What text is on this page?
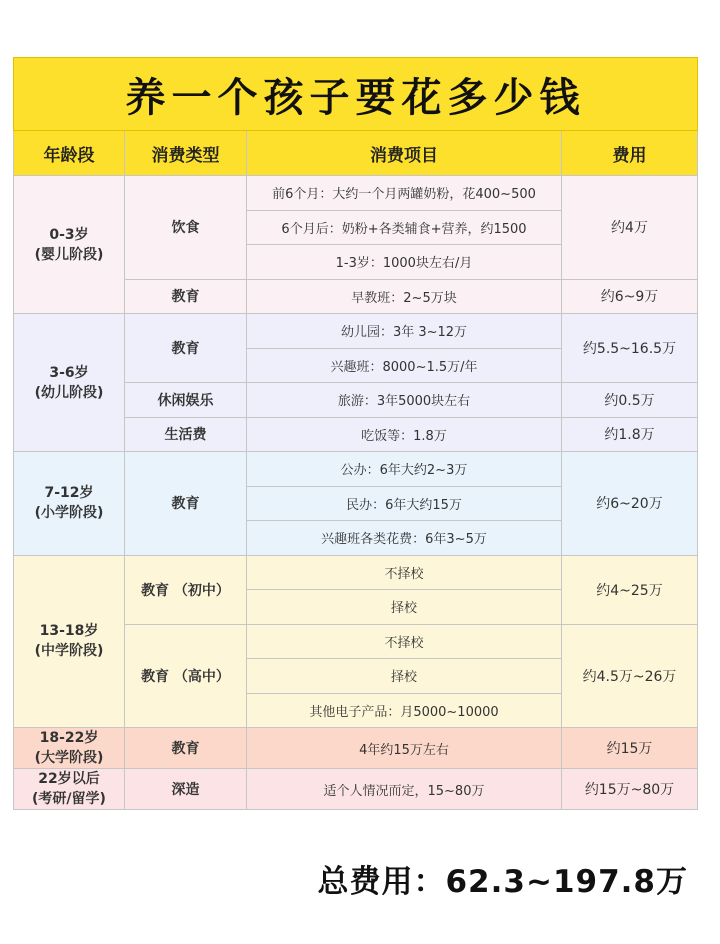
养一个孩子要花多少钱			
年龄段	消费类型	消费项目	费用

0-3岁
(婴儿阶段)	饮食	前6个月：大约一个月两罐奶粉，花400~500	约4万
		6个月后：奶粉+各类辅食+营养，约1500	
		1-3岁：1000块左右/月	
	教育	早教班：2~5万块	约6~9万

3-6岁
(幼儿阶段)	教育	幼儿园：3年 3~12万	约5.5~16.5万
		兴趣班：8000~1.5万/年	
	休闲娱乐	旅游：3年5000块左右	约0.5万
	生活费	吃饭等：1.8万	约1.8万

7-12岁
(小学阶段)	教育	公办：6年大约2~3万	约6~20万
		民办：6年大约15万	
		兴趣班各类花费：6年3~5万	

13-18岁
(中学阶段)	教育 （初中）	不择校	约4~25万
		择校	
	教育 （高中）	不择校	约4.5万~26万
		择校	
		其他电子产品：月5000~10000	

18-22岁
(大学阶段)	教育	4年约15万左右	约15万

22岁以后
(考研/留学)	深造	适个人情况而定，15~80万	约15万~80万
总费用：62.3~197.8万
